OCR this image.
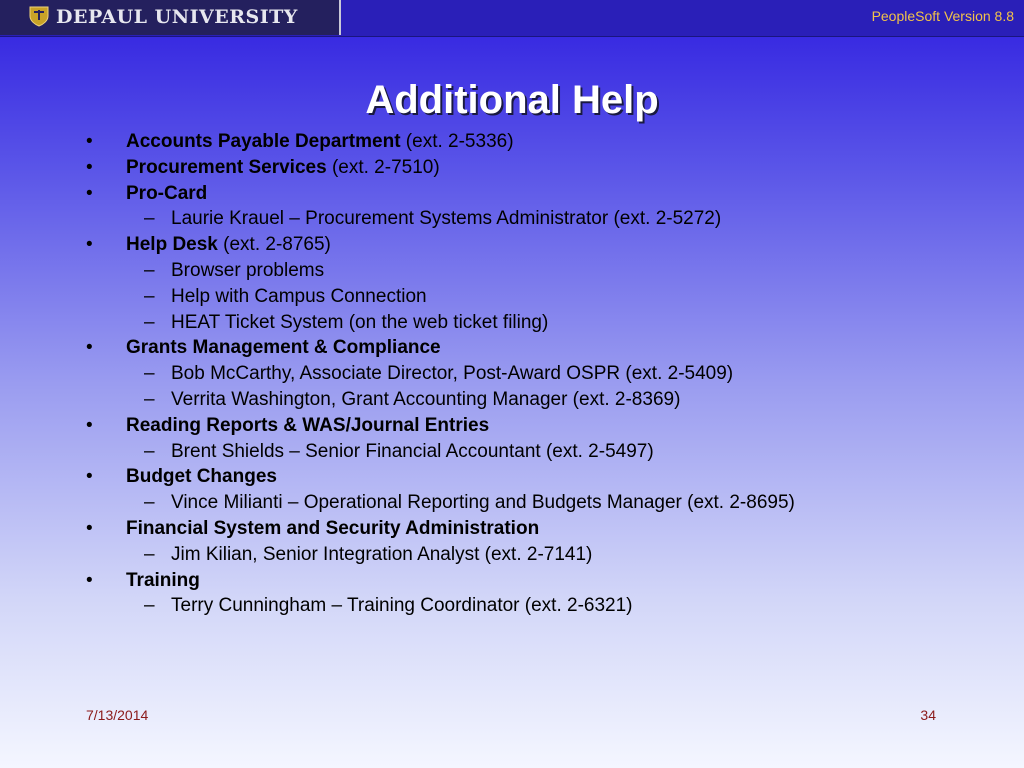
DEPAUL UNIVERSITY	PeopleSoft Version 8.8
Additional Help
• Accounts Payable Department (ext. 2-5336)
• Procurement Services (ext. 2-7510)
• Pro-Card
– Laurie Krauel – Procurement Systems Administrator (ext. 2-5272)
• Help Desk (ext. 2-8765)
– Browser problems
– Help with Campus Connection
– HEAT Ticket System (on the web ticket filing)
• Grants Management & Compliance
– Bob McCarthy, Associate Director, Post-Award OSPR (ext. 2-5409)
– Verrita Washington, Grant Accounting Manager (ext. 2-8369)
• Reading Reports & WAS/Journal Entries
– Brent Shields – Senior Financial Accountant (ext. 2-5497)
• Budget Changes
– Vince Milianti – Operational Reporting and Budgets Manager (ext. 2-8695)
• Financial System and Security Administration
– Jim Kilian, Senior Integration Analyst (ext. 2-7141)
• Training
– Terry Cunningham – Training Coordinator (ext. 2-6321)
7/13/2014	34
